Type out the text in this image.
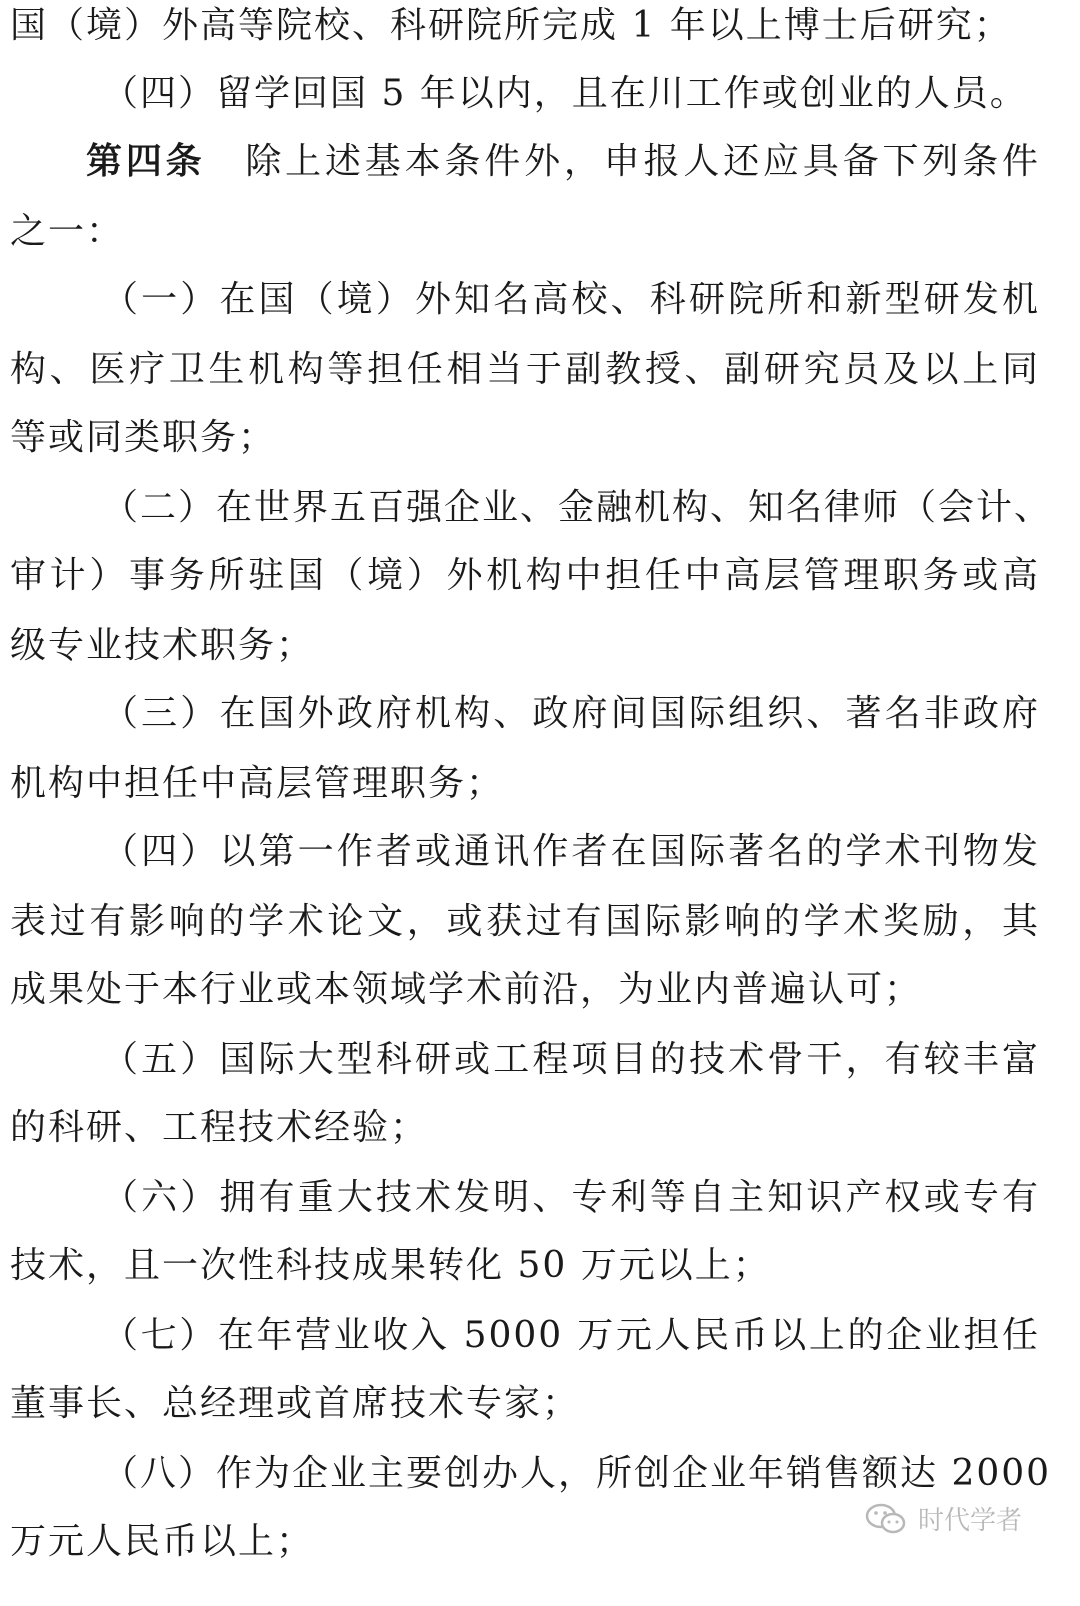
国（境）外高等院校、科研院所完成 1 年以上博士后研究；
（四）留学回国 5 年以内，且在川工作或创业的人员。
第四条　 除上述基本条件外，申报人还应具备下列条件
之一：
（一）在国（境）外知名高校、科研院所和新型研发机
构、医疗卫生机构等担任相当于副教授、副研究员及以上同
等或同类职务；
（二）在世界五百强企业、金融机构、知名律师（会计、
审计）事务所驻国（境）外机构中担任中高层管理职务或高
级专业技术职务；
（三）在国外政府机构、政府间国际组织、著名非政府
机构中担任中高层管理职务；
（四）以第一作者或通讯作者在国际著名的学术刊物发
表过有影响的学术论文，或获过有国际影响的学术奖励，其
成果处于本行业或本领域学术前沿，为业内普遍认可；
（五）国际大型科研或工程项目的技术骨干，有较丰富
的科研、工程技术经验；
（六）拥有重大技术发明、专利等自主知识产权或专有
技术，且一次性科技成果转化 50 万元以上；
（七）在年营业收入 5000 万元人民币以上的企业担任
董事长、总经理或首席技术专家；
（八）作为企业主要创办人，所创企业年销售额达 2000
万元人民币以上；	时代学者
